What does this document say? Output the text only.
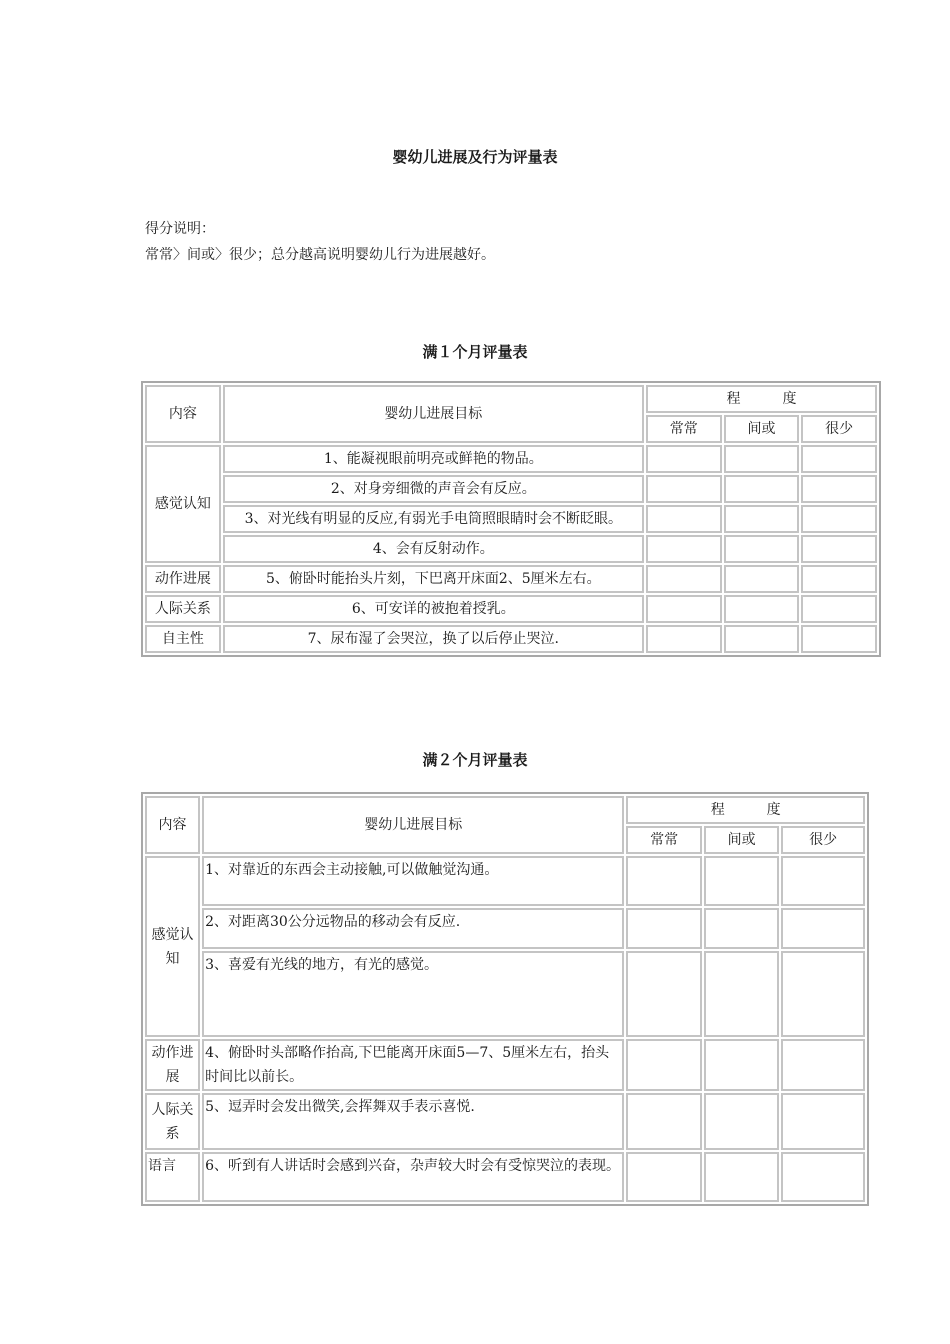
婴幼儿进展及行为评量表
得分说明：
常常〉间或〉很少；总分越高说明婴幼儿行为进展越好。
满１个月评量表
内容	婴幼儿进展目标	程　　　度		
		常常	间或	很少
感觉认知	1、能凝视眼前明亮或鲜艳的物品。			
	2、对身旁细微的声音会有反应。			
	3、对光线有明显的反应,有弱光手电筒照眼睛时会不断眨眼。			
	4、会有反射动作。			
动作进展	5、俯卧时能抬头片刻，下巴离开床面2、5厘米左右。			
人际关系	6、可安详的被抱着授乳。			
自主性	7、尿布湿了会哭泣，换了以后停止哭泣.			
满２个月评量表
内容	婴幼儿进展目标	程　　　度		
		常常	间或	很少
感觉认知	1、对靠近的东西会主动接触,可以做触觉沟通。			
	2、对距离30公分远物品的移动会有反应.			
	3、喜爱有光线的地方，有光的感觉。			
动作进展	4、俯卧时头部略作抬高,下巴能离开床面5—7、5厘米左右，抬头时间比以前长。			
人际关系	5、逗弄时会发出微笑,会挥舞双手表示喜悦.			
语言	6、听到有人讲话时会感到兴奋，杂声较大时会有受惊哭泣的表现。			
